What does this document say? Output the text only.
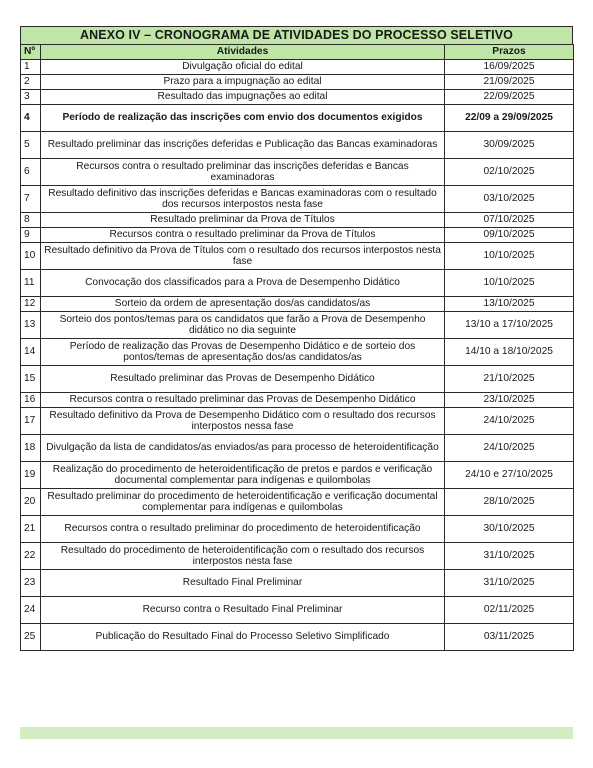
ANEXO IV – CRONOGRAMA DE ATIVIDADES DO PROCESSO SELETIVO
Nº	Atividades	Prazos
1	Divulgação oficial do edital	16/09/2025
2	Prazo para a impugnação ao edital	21/09/2025
3	Resultado das impugnações ao edital	22/09/2025
4	Período de realização das inscrições com envio dos documentos exigidos	22/09 a 29/09/2025
5	Resultado preliminar das inscrições deferidas e Publicação das Bancas examinadoras	30/09/2025
6	Recursos contra o resultado preliminar das inscrições deferidas e Bancas examinadoras	02/10/2025
7	Resultado definitivo das inscrições deferidas e Bancas examinadoras com o resultado dos recursos interpostos nesta fase	03/10/2025
8	Resultado preliminar da Prova de Títulos	07/10/2025
9	Recursos contra o resultado preliminar da Prova de Títulos	09/10/2025
10	Resultado definitivo da Prova de Títulos com o resultado dos recursos interpostos nesta fase	10/10/2025
11	Convocação dos classificados para a Prova de Desempenho Didático	10/10/2025
12	Sorteio da ordem de apresentação dos/as candidatos/as	13/10/2025
13	Sorteio dos pontos/temas para os candidatos que farão a Prova de Desempenho didático no dia seguinte	13/10 a 17/10/2025
14	Período de realização das Provas de Desempenho Didático e de sorteio dos pontos/temas de apresentação dos/as candidatos/as	14/10 a 18/10/2025
15	Resultado preliminar das Provas de Desempenho Didático	21/10/2025
16	Recursos contra o resultado preliminar das Provas de Desempenho Didático	23/10/2025
17	Resultado definitivo da Prova de Desempenho Didático com o resultado dos recursos interpostos nessa fase	24/10/2025
18	Divulgação da lista de candidatos/as enviados/as para processo de heteroidentificação	24/10/2025
19	Realização do procedimento de heteroidentificação de pretos e pardos e verificação documental complementar para indígenas e quilombolas	24/10 e 27/10/2025
20	Resultado preliminar do procedimento de heteroidentificação e verificação documental complementar para indígenas e quilombolas	28/10/2025
21	Recursos contra o resultado preliminar do procedimento de heteroidentificação	30/10/2025
22	Resultado do procedimento de heteroidentificação com o resultado dos recursos interpostos nesta fase	31/10/2025
23	Resultado Final Preliminar	31/10/2025
24	Recurso contra o Resultado Final Preliminar	02/11/2025
25	Publicação do Resultado Final do Processo Seletivo Simplificado	03/11/2025
